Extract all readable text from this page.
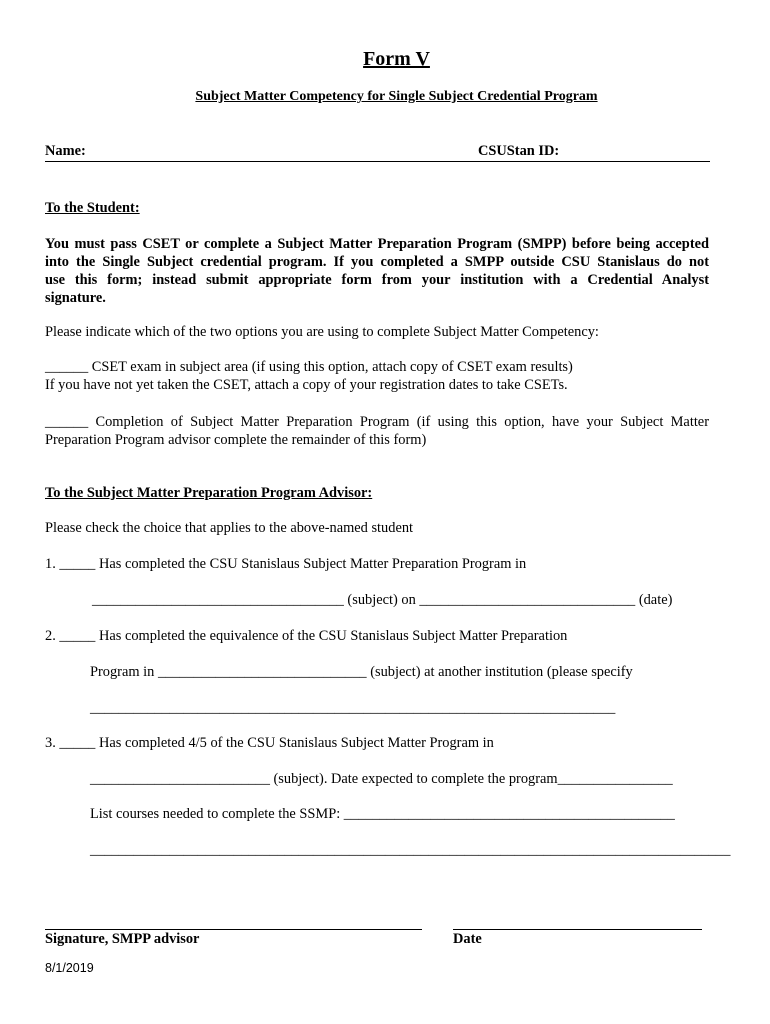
Form V
Subject Matter Competency for Single Subject Credential Program
Name:	CSUStan ID:
To the Student:
You must pass CSET or complete a Subject Matter Preparation Program (SMPP) before being accepted
into the Single Subject credential program. If you completed a SMPP outside CSU Stanislaus do not
use this form; instead submit appropriate form from your institution with a Credential Analyst
signature.
Please indicate which of the two options you are using to complete Subject Matter Competency:
______ CSET exam in subject area (if using this option, attach copy of CSET exam results)
If you have not yet taken the CSET, attach a copy of your registration dates to take CSETs.
______ Completion of Subject Matter Preparation Program (if using this option, have your Subject Matter
Preparation Program advisor complete the remainder of this form)
To the Subject Matter Preparation Program Advisor:
Please check the choice that applies to the above-named student
1. _____ Has completed the CSU Stanislaus Subject Matter Preparation Program in
___________________________________ (subject) on ______________________________ (date)
2. _____ Has completed the equivalence of the CSU Stanislaus Subject Matter Preparation
Program in _____________________________ (subject) at another institution (please specify
_________________________________________________________________________
3. _____ Has completed 4/5 of the CSU Stanislaus Subject Matter Program in
_________________________ (subject). Date expected to complete the program________________
List courses needed to complete the SSMP: ______________________________________________
_________________________________________________________________________________________
Signature, SMPP advisor	Date
8/1/2019
